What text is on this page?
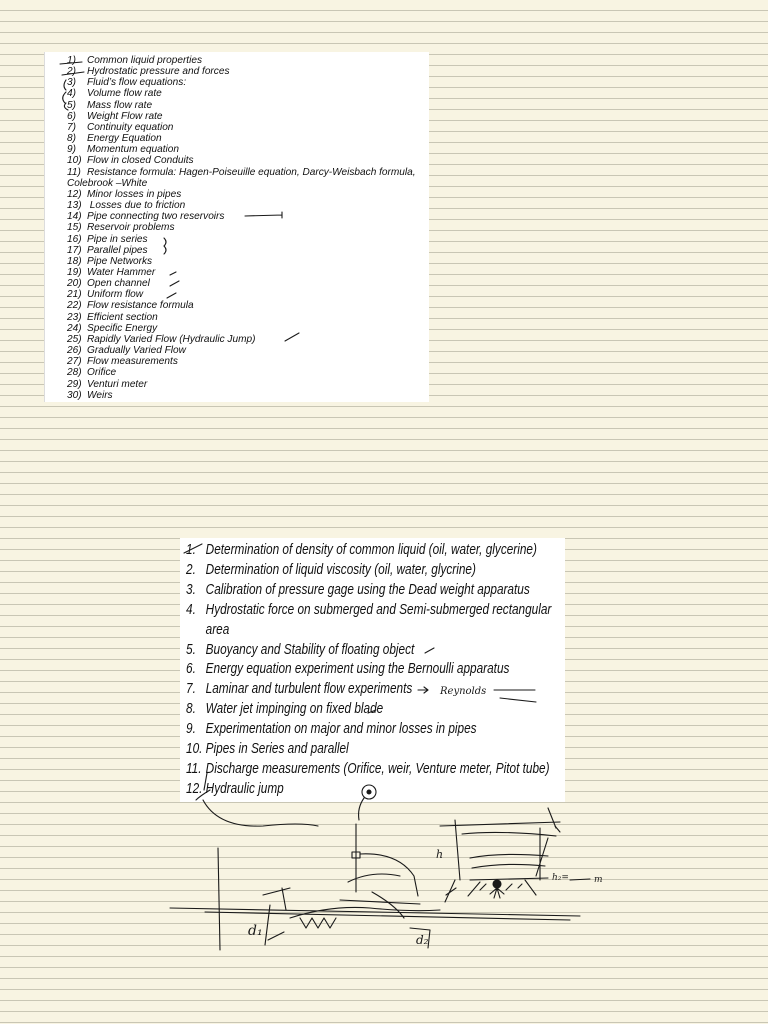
1) Common liquid properties
2) Hydrostatic pressure and forces
3) Fluid’s flow equations:
4) Volume flow rate
5) Mass flow rate
6) Weight Flow rate
7) Continuity equation
8) Energy Equation
9) Momentum equation
10) Flow in closed Conduits
11) Resistance formula: Hagen-Poiseuille equation, Darcy-Weisbach formula, Colebrook –White
12) Minor losses in pipes
13) Losses due to friction
14) Pipe connecting two reservoirs
15) Reservoir problems
16) Pipe in series
17) Parallel pipes
18) Pipe Networks
19) Water Hammer
20) Open channel
21) Uniform flow
22) Flow resistance formula
23) Efficient section
24) Specific Energy
25) Rapidly Varied Flow (Hydraulic Jump)
26) Gradually Varied Flow
27) Flow measurements
28) Orifice
29) Venturi meter
30) Weirs
1. Determination of density of common liquid (oil, water, glycerine)
2. Determination of liquid viscosity (oil, water, glycrine)
3. Calibration of pressure gage using the Dead weight apparatus
4. Hydrostatic force on submerged and Semi-submerged rectangular
area
5. Buoyancy and Stability of floating object
6. Energy equation experiment using the Bernoulli apparatus
7. Laminar and turbulent flow experiments
8. Water jet impinging on fixed blade
9. Experimentation on major and minor losses in pipes
10. Pipes in Series and parallel
11. Discharge measurements (Orifice, weir, Venture meter, Pitot tube)
12. Hydraulic jump
Reynolds
d₁
d₂
h
h₂=	m
